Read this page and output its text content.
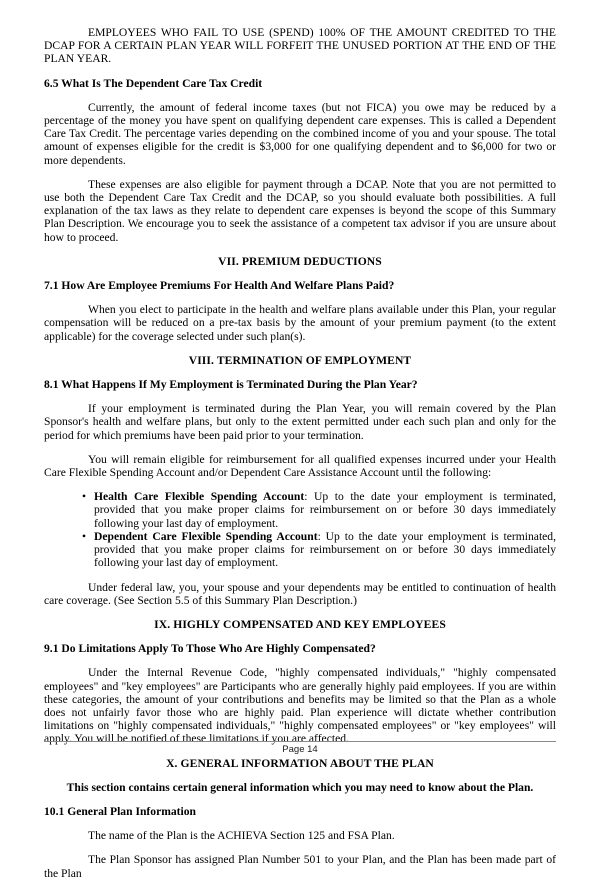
EMPLOYEES WHO FAIL TO USE (SPEND) 100% OF THE AMOUNT CREDITED TO THE DCAP FOR A CERTAIN PLAN YEAR WILL FORFEIT THE UNUSED PORTION AT THE END OF THE PLAN YEAR.

6.5 What Is The Dependent Care Tax Credit

Currently, the amount of federal income taxes (but not FICA) you owe may be reduced by a percentage of the money you have spent on qualifying dependent care expenses. This is called a Dependent Care Tax Credit. The percentage varies depending on the combined income of you and your spouse. The total amount of expenses eligible for the credit is $3,000 for one qualifying dependent and to $6,000 for two or more dependents.

These expenses are also eligible for payment through a DCAP. Note that you are not permitted to use both the Dependent Care Tax Credit and the DCAP, so you should evaluate both possibilities. A full explanation of the tax laws as they relate to dependent care expenses is beyond the scope of this Summary Plan Description. We encourage you to seek the assistance of a competent tax advisor if you are unsure about how to proceed.

VII. PREMIUM DEDUCTIONS
7.1 How Are Employee Premiums For Health And Welfare Plans Paid?

When you elect to participate in the health and welfare plans available under this Plan, your regular compensation will be reduced on a pre-tax basis by the amount of your premium payment (to the extent applicable) for the coverage selected under such plan(s).

VIII. TERMINATION OF EMPLOYMENT
8.1 What Happens If My Employment is Terminated During the Plan Year?

If your employment is terminated during the Plan Year, you will remain covered by the Plan Sponsor's health and welfare plans, but only to the extent permitted under each such plan and only for the period for which premiums have been paid prior to your termination.

You will remain eligible for reimbursement for all qualified expenses incurred under your Health Care Flexible Spending Account and/or Dependent Care Assistance Account until the following:

• Health Care Flexible Spending Account: Up to the date your employment is terminated, provided that you make proper claims for reimbursement on or before 30 days immediately following your last day of employment.
• Dependent Care Flexible Spending Account: Up to the date your employment is terminated, provided that you make proper claims for reimbursement on or before 30 days immediately following your last day of employment.

Under federal law, you, your spouse and your dependents may be entitled to continuation of health care coverage. (See Section 5.5 of this Summary Plan Description.)

IX. HIGHLY COMPENSATED AND KEY EMPLOYEES
9.1 Do Limitations Apply To Those Who Are Highly Compensated?

Under the Internal Revenue Code, "highly compensated individuals," "highly compensated employees" and "key employees" are Participants who are generally highly paid employees. If you are within these categories, the amount of your contributions and benefits may be limited so that the Plan as a whole does not unfairly favor those who are highly paid. Plan experience will dictate whether contribution limitations on "highly compensated individuals," "highly compensated employees" or "key employees" will apply. You will be notified of these limitations if you are affected.

X. GENERAL INFORMATION ABOUT THE PLAN

This section contains certain general information which you may need to know about the Plan.

10.1 General Plan Information

The name of the Plan is the ACHIEVA Section 125 and FSA Plan.

The Plan Sponsor has assigned Plan Number 501 to your Plan, and the Plan has been made part of the Plan

Page 14
